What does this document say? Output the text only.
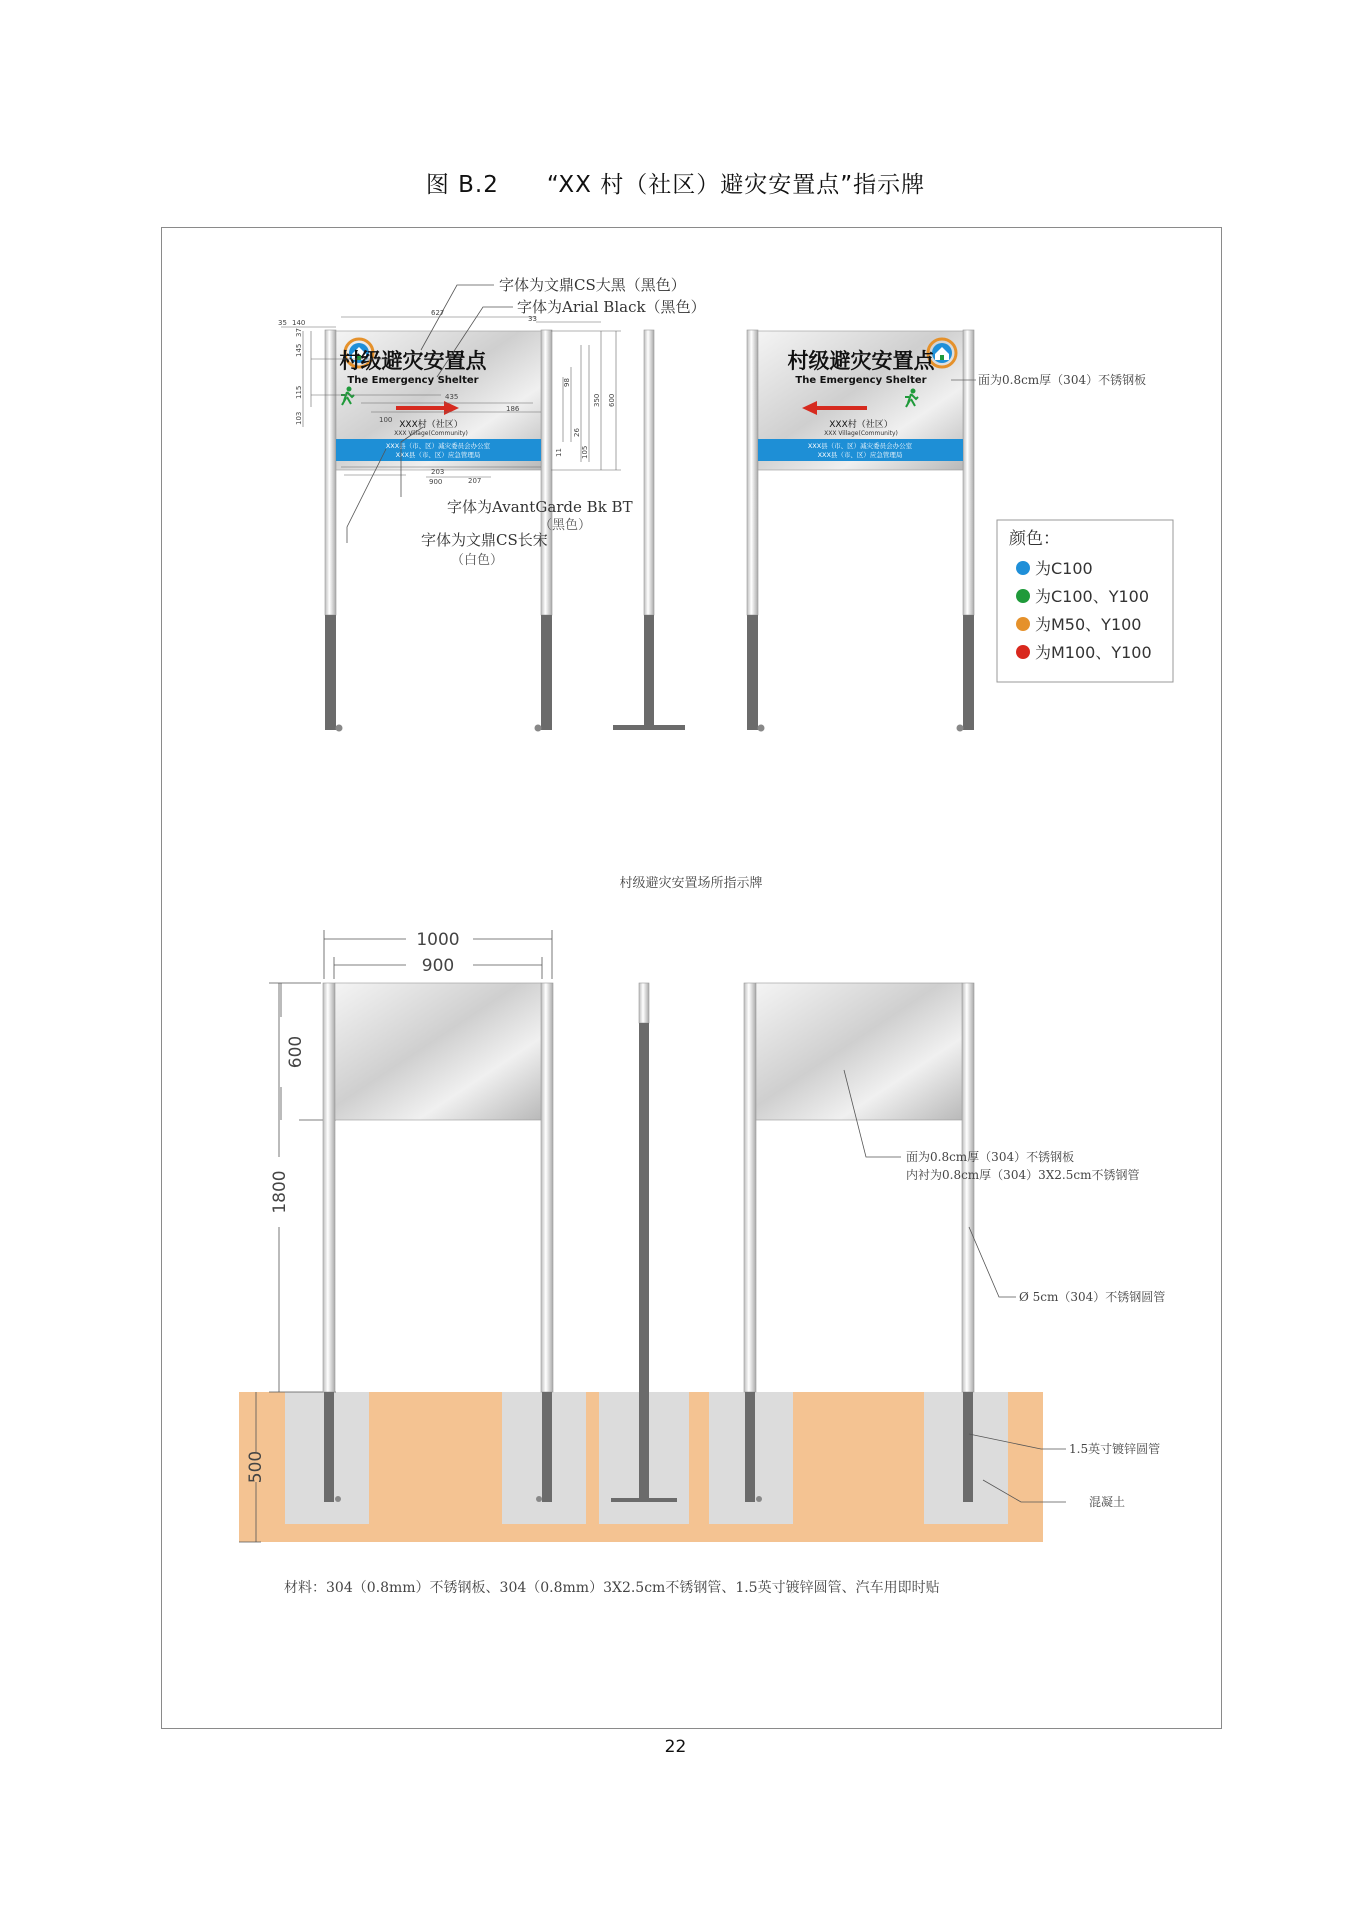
图 B.2 “XX 村（社区）避灾安置点”指示牌
村级避灾安置点
The Emergency Shelter
XXX村（社区）
XXX Village(Community)
XXX县（市、区）减灾委员会办公室
XXX县（市、区）应急管理局
35 140
627
33
145
37
115
103
435
186
100
203
207
900
350 600
26
105
98
11
字体为文鼎CS大黑（黑色）
字体为Arial Black（黑色）
字体为AvantGarde Bk BT
（黑色）
字体为文鼎CS长宋
（白色）
村级避灾安置点
The Emergency Shelter
XXX村（社区）
XXX Village(Community)
XXX县（市、区）减灾委员会办公室
XXX县（市、区）应急管理局
面为0.8cm厚（304）不锈钢板
颜色：
为C100
为C100、Y100
为M50、Y100
为M100、Y100
村级避灾安置场所指示牌
1000
900
600
1800
500
面为0.8cm厚（304）不锈钢板
内衬为0.8cm厚（304）3X2.5cm不锈钢管
Ø 5cm（304）不锈钢圆管
1.5英寸镀锌圆管
混凝土
材料：304（0.8mm）不锈钢板、304（0.8mm）3X2.5cm不锈钢管、1.5英寸镀锌圆管、汽车用即时贴
22
